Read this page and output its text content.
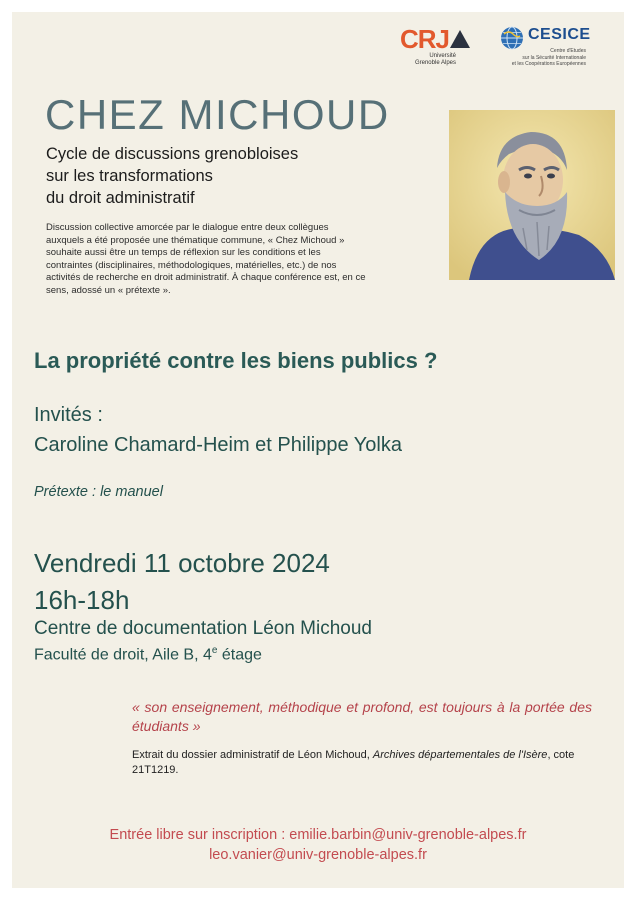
CRJ
Université
Grenoble Alpes
CESICE
Centre d'Etudes
sur la Sécurité Internationale
et les Coopérations Européennes
CHEZ MICHOUD
Cycle de discussions grenobloises
sur les transformations
du droit administratif
Discussion collective amorcée par le dialogue entre deux collègues auxquels a été proposée une thématique commune, « Chez Michoud » souhaite aussi être un temps de réflexion sur les conditions et les contraintes (disciplinaires, méthodologiques, matérielles, etc.) de nos activités de recherche en droit administratif. À chaque conférence est, en ce sens, adossé un « prétexte ».
La propriété contre les biens publics ?
Invités :
Caroline Chamard-Heim et Philippe Yolka
Prétexte : le manuel
Vendredi 11 octobre 2024
16h-18h
Centre de documentation Léon Michoud
Faculté de droit, Aile B, 4e étage
« son enseignement, méthodique et profond, est toujours à la portée des étudiants »
Extrait du dossier administratif de Léon Michoud, Archives départementales de l'Isère, cote 21T1219.
Entrée libre sur inscription : emilie.barbin@univ-grenoble-alpes.fr
leo.vanier@univ-grenoble-alpes.fr
